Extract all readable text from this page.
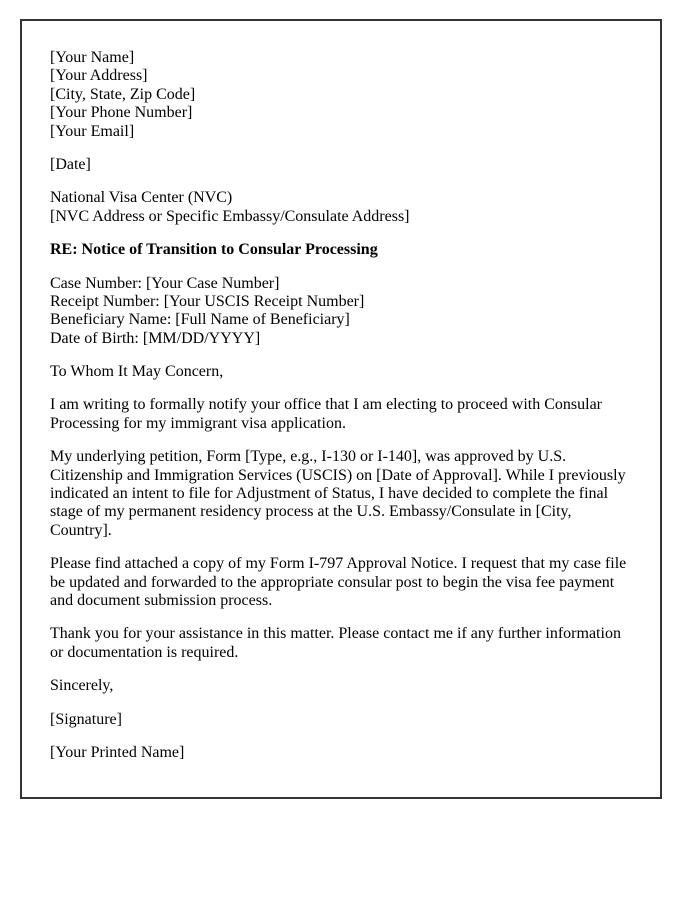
[Your Name]
[Your Address]
[City, State, Zip Code]
[Your Phone Number]
[Your Email]

[Date]

National Visa Center (NVC)
[NVC Address or Specific Embassy/Consulate Address]

RE: Notice of Transition to Consular Processing

Case Number: [Your Case Number]
Receipt Number: [Your USCIS Receipt Number]
Beneficiary Name: [Full Name of Beneficiary]
Date of Birth: [MM/DD/YYYY]

To Whom It May Concern,

I am writing to formally notify your office that I am electing to proceed with Consular Processing for my immigrant visa application.

My underlying petition, Form [Type, e.g., I-130 or I-140], was approved by U.S. Citizenship and Immigration Services (USCIS) on [Date of Approval]. While I previously indicated an intent to file for Adjustment of Status, I have decided to complete the final stage of my permanent residency process at the U.S. Embassy/Consulate in [City, Country].

Please find attached a copy of my Form I-797 Approval Notice. I request that my case file be updated and forwarded to the appropriate consular post to begin the visa fee payment and document submission process.

Thank you for your assistance in this matter. Please contact me if any further information or documentation is required.

Sincerely,

[Signature]

[Your Printed Name]
